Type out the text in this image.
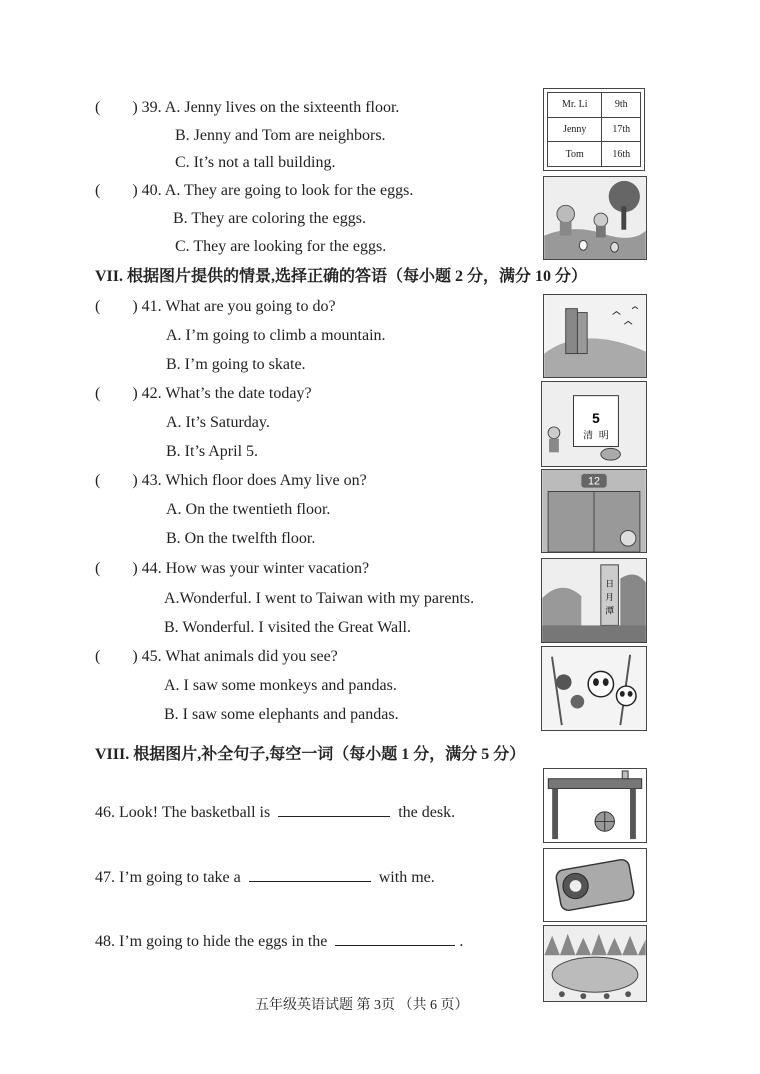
( ) 39. A. Jenny lives on the sixteenth floor.
B. Jenny and Tom are neighbors.
C. It’s not a tall building.
Mr. Li	9th
Jenny	17th
Tom	16th
( ) 40. A. They are going to look for the eggs.
B. They are coloring the eggs.
C. They are looking for the eggs.
VII. 根据图片提供的情景,选择正确的答语（每小题 2 分，满分 10 分）
( ) 41. What are you going to do?
A. I’m going to climb a mountain.
B. I’m going to skate.
( ) 42. What’s the date today?
A. It’s Saturday.
B. It’s April 5.
5
清 明
( ) 43. Which floor does Amy live on?
A. On the twentieth floor.
B. On the twelfth floor.
12
( ) 44. How was your winter vacation?
A.Wonderful. I went to Taiwan with my parents.
B. Wonderful. I visited the Great Wall.
日
月
潭
( ) 45. What animals did you see?
A. I saw some monkeys and pandas.
B. I saw some elephants and pandas.
VIII. 根据图片,补全句子,每空一词（每小题 1 分，满分 5 分）
46. Look! The basketball is	the desk.
47. I’m going to take a	with me.
48. I’m going to hide the eggs in the	.
五年级英语试题 第 3页 （共 6 页）
